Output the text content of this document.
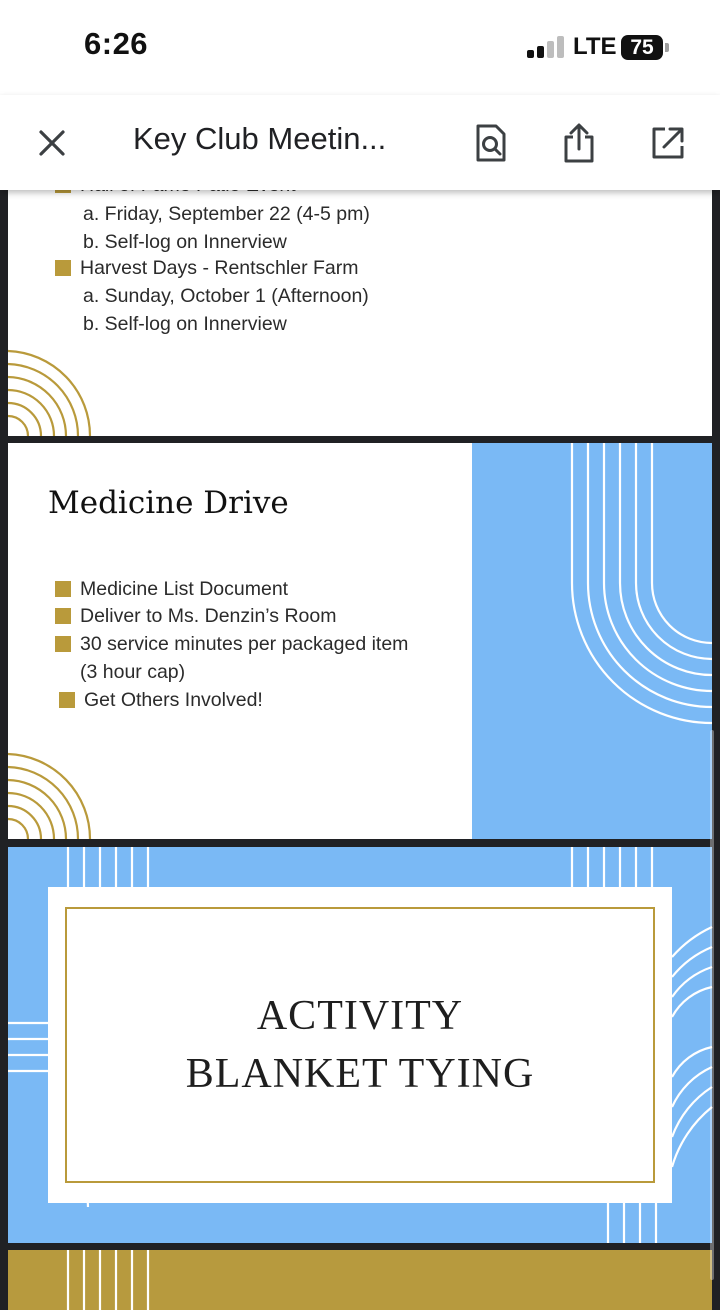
6:26	LTE 75
Key Club Meetin...
a. Friday, September 22 (4-5 pm)
b. Self-log on Innerview
Harvest Days - Rentschler Farm
a. Sunday, October 1 (Afternoon)
b. Self-log on Innerview
Medicine Drive
Medicine List Document
Deliver to Ms. Denzin’s Room
30 service minutes per packaged item
(3 hour cap)
Get Others Involved!
ACTIVITY
BLANKET TYING
